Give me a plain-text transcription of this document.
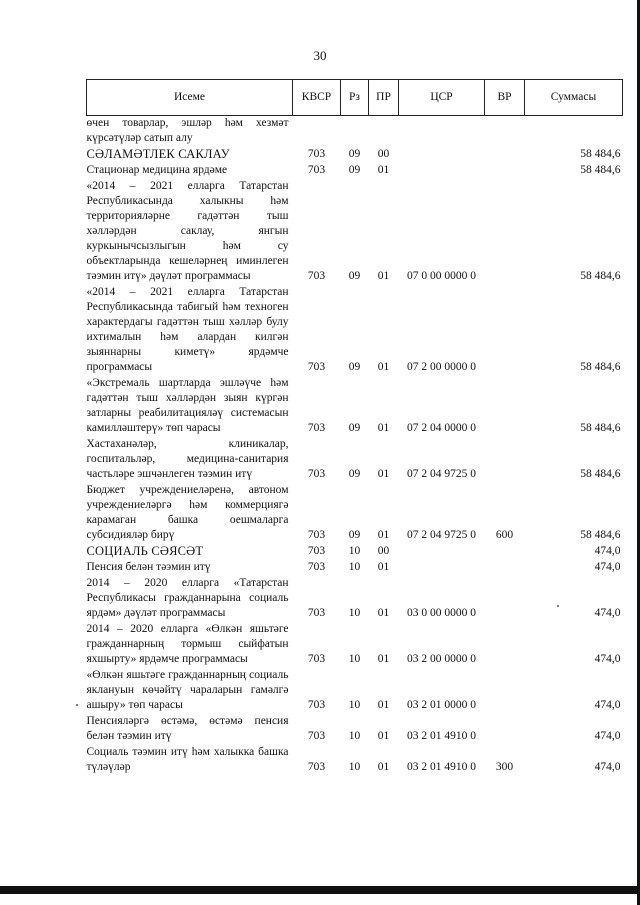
30
Исеме	КВСР	Рз	ПР	ЦСР	ВР	Суммасы
өчен товарлар, эшләр һәм хезмәт күрсәтүләр сатып алу						
СӘЛАМӘТЛЕК САКЛАУ	703	09	00			58 484,6
Стационар медицина ярдәме	703	09	01			58 484,6
«2014 – 2021 елларга Татарстан Республикасында халыкны һәм территорияләрне гадәттән тыш хәлләрдән саклау, янгын куркынычсызлыгын һәм су объектларында кешеләрнең иминлеген тәэмин итү» дәүләт программасы	703	09	01	07 0 00 0000 0		58 484,6
«2014 – 2021 елларга Татарстан Республикасында табигый һәм техноген характердагы гадәттән тыш хәлләр булу ихтималын һәм алардан килгән зыяннарны киметү» ярдәмче программасы	703	09	01	07 2 00 0000 0		58 484,6
«Экстремаль шартларда эшләүче һәм гадәттән тыш хәлләрдән зыян күргән затларны реабилитацияләү системасын камилләштерү» төп чарасы	703	09	01	07 2 04 0000 0		58 484,6
Хастаханәләр, клиникалар, госпитальләр, медицина-санитария частьләре эшчәнлеген тәэмин итү	703	09	01	07 2 04 9725 0		58 484,6
Бюджет учреждениеләренә, автоном учреждениеләргә һәм коммерциягә карамаган башка оешмаларга субсидияләр бирү	703	09	01	07 2 04 9725 0	600	58 484,6
СОЦИАЛЬ СӘЯСӘТ	703	10	00			474,0
Пенсия белән тәэмин итү	703	10	01			474,0
2014 – 2020 елларга «Татарстан Республикасы гражданнарына социаль ярдәм» дәүләт программасы	703	10	01	03 0 00 0000 0		474,0
2014 – 2020 елларга «Өлкән яшьтәге гражданнарның тормыш сыйфатын яхшырту» ярдәмче программасы	703	10	01	03 2 00 0000 0		474,0
«Өлкән яшьтәге гражданнарның социаль яклануын көчәйтү чараларын гамәлгә ашыру» төп чарасы	703	10	01	03 2 01 0000 0		474,0
Пенсияләргә өстәмә, өстәмә пенсия белән тәэмин итү	703	10	01	03 2 01 4910 0		474,0
Социаль тәэмин итү һәм халыкка башка түләүләр	703	10	01	03 2 01 4910 0	300	474,0
